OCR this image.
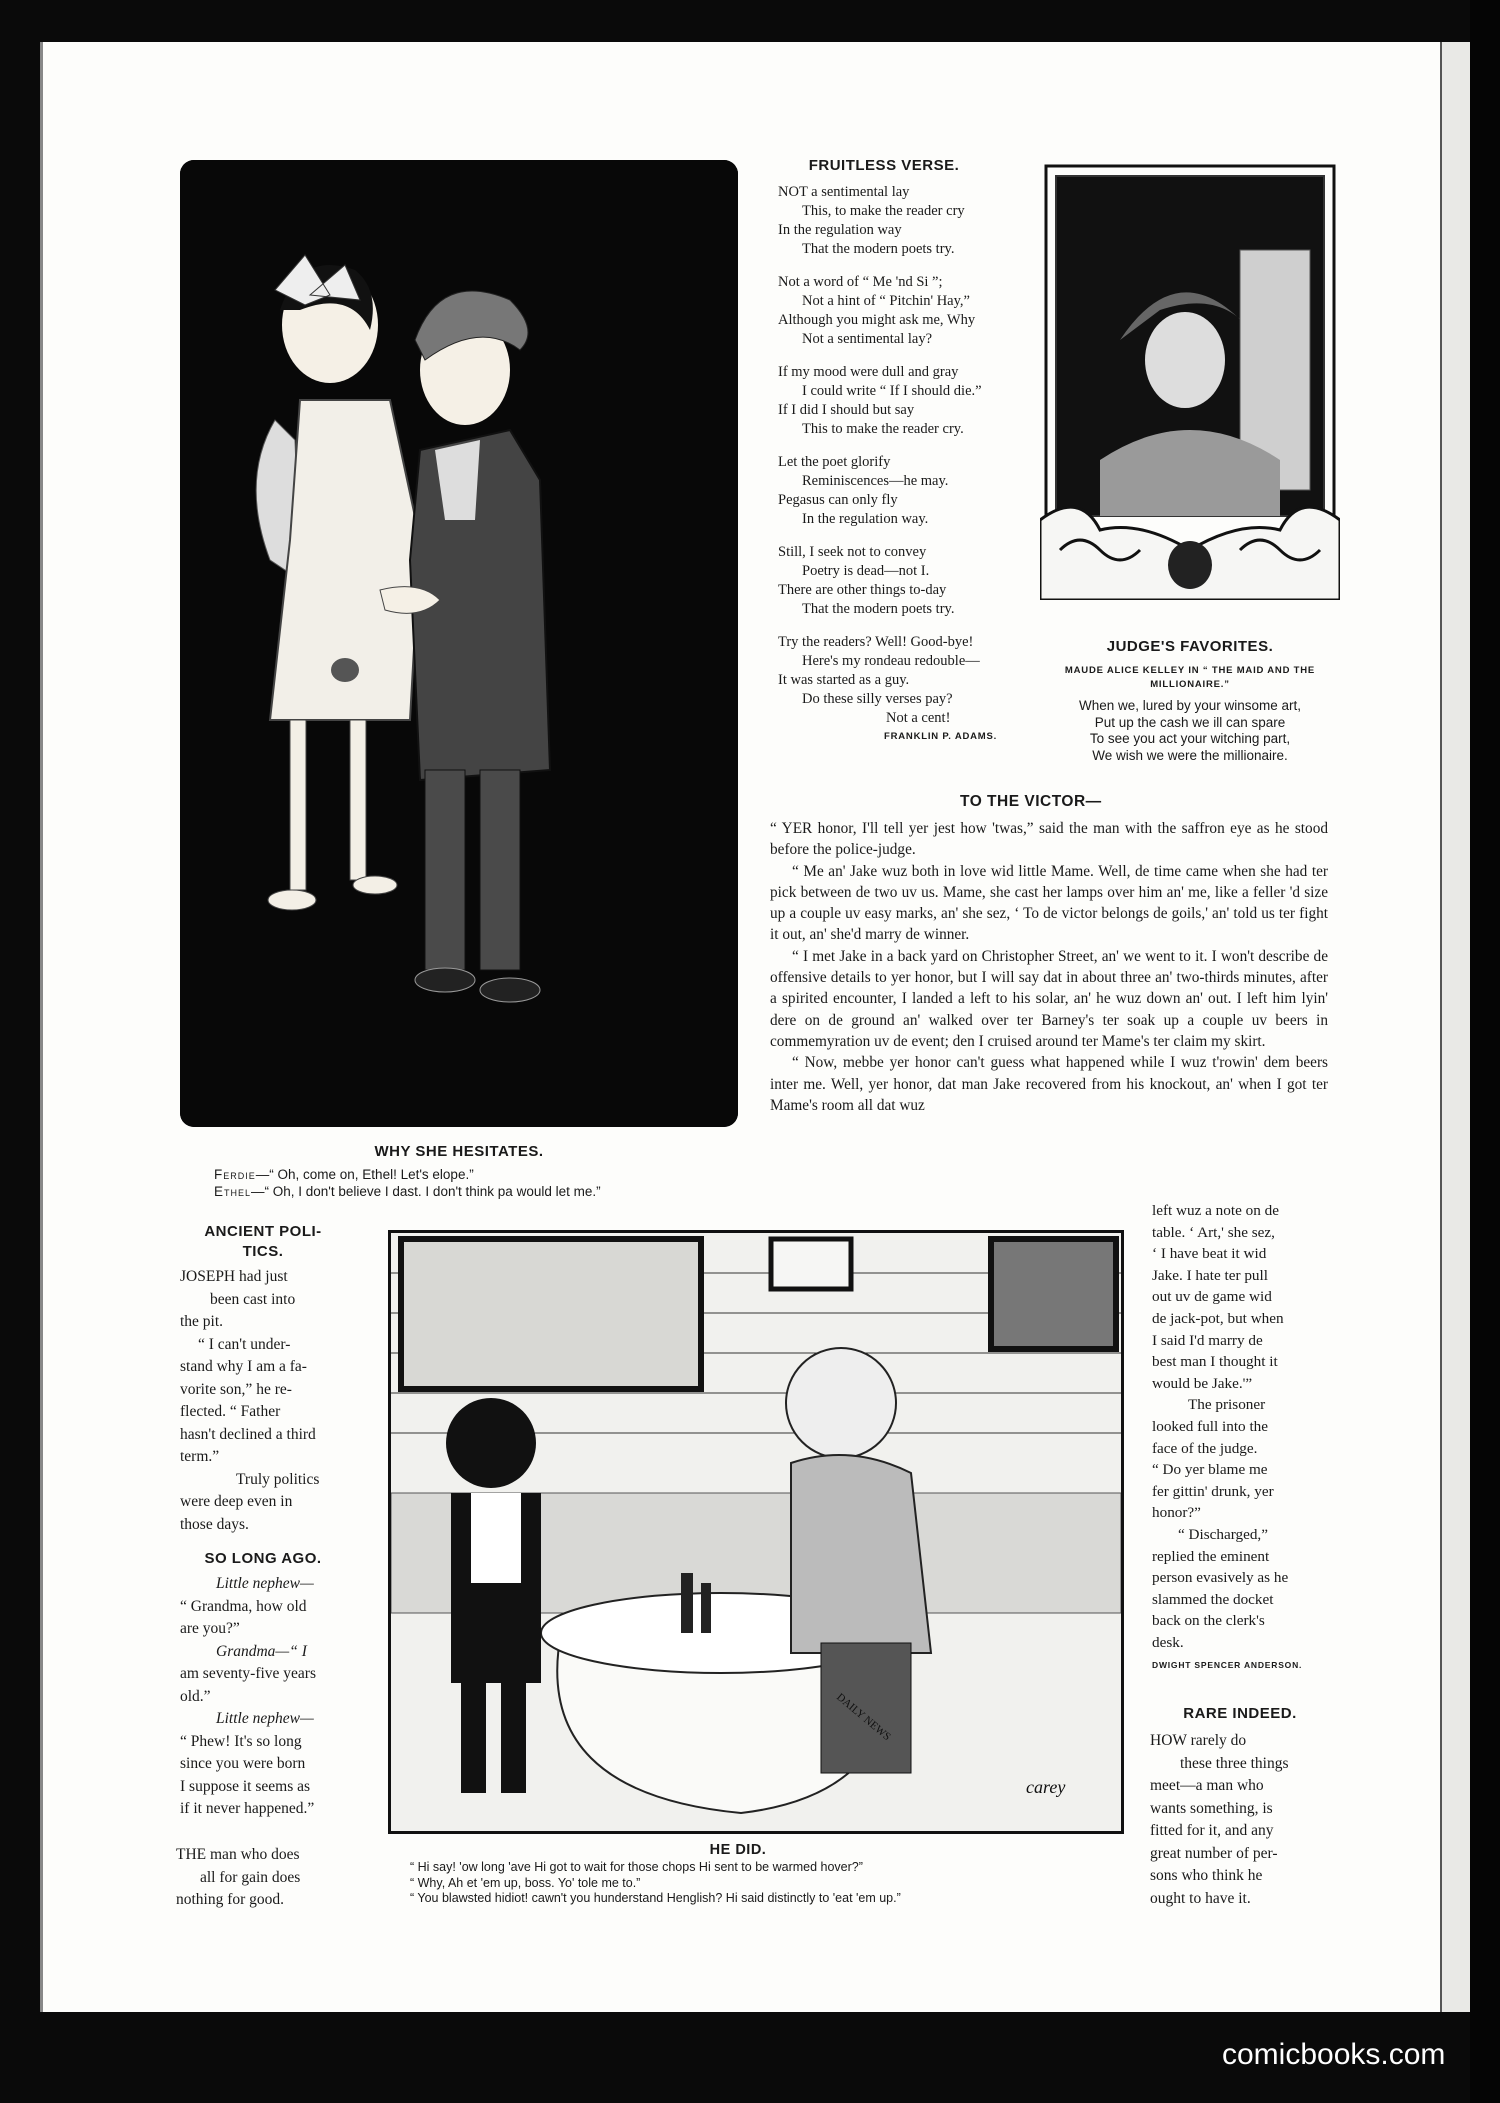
WHY SHE HESITATES.
Ferdie—“ Oh, come on, Ethel! Let's elope.”
Ethel—“ Oh, I don't believe I dast. I don't think pa would let me.”
FRUITLESS VERSE.

NOT a sentimental lay

This, to make the reader cry

In the regulation way

That the modern poets try.

Not a word of “ Me 'nd Si ”;

Not a hint of “ Pitchin' Hay,”

Although you might ask me, Why

Not a sentimental lay?

If my mood were dull and gray

I could write “ If I should die.”

If I did I should but say

This to make the reader cry.

Let the poet glorify

Reminiscences—he may.

Pegasus can only fly

In the regulation way.

Still, I seek not to convey

Poetry is dead—not I.

There are other things to-day

That the modern poets try.

Try the readers? Well! Good-bye!

Here's my rondeau redouble—

It was started as a guy.

Do these silly verses pay?

Not a cent!

FRANKLIN P. ADAMS.
JUDGE'S FAVORITES.
MAUDE ALICE KELLEY IN “ THE MAID AND THE MILLIONAIRE.”
When we, lured by your winsome art,
Put up the cash we ill can spare
To see you act your witching part,
We wish we were the millionaire.
TO THE VICTOR—

“ YER honor, I'll tell yer jest how 'twas,” said the man with the saffron eye as he stood before the police-judge.

“ Me an' Jake wuz both in love wid little Mame. Well, de time came when she had ter pick between de two uv us. Mame, she cast her lamps over him an' me, like a feller 'd size up a couple uv easy marks, an' she sez, ‘ To de victor belongs de goils,' an' told us ter fight it out, an' she'd marry de winner.

“ I met Jake in a back yard on Christopher Street, an' we went to it. I won't describe de offensive details to yer honor, but I will say dat in about three an' two-thirds minutes, after a spirited encounter, I landed a left to his solar, an' he wuz down an' out. I left him lyin' dere on de ground an' walked over ter Barney's ter soak up a couple uv beers in commemyration uv de event; den I cruised around ter Mame's ter claim my skirt.

“ Now, mebbe yer honor can't guess what happened while I wuz t'rowin' dem beers inter me. Well, yer honor, dat man Jake recovered from his knockout, an' when I got ter Mame's room all dat wuz

left wuz a note on de

table. ‘ Art,' she sez,

‘ I have beat it wid

Jake. I hate ter pull

out uv de game wid

de jack-pot, but when

I said I'd marry de

best man I thought it

would be Jake.'”

The prisoner

looked full into the

face of the judge.

“ Do yer blame me

fer gittin' drunk, yer

honor?”

“ Discharged,”

replied the eminent

person evasively as he

slammed the docket

back on the clerk's

desk.

DWIGHT SPENCER ANDERSON.
ANCIENT POLI-
TICS.

JOSEPH had just

been cast into

the pit.

“ I can't under-

stand why I am a fa-

vorite son,” he re-

flected. “ Father

hasn't declined a third

term.”

Truly politics

were deep even in

those days.

SO LONG AGO.

Little nephew—

“ Grandma, how old

are you?”

Grandma—“ I

am seventy-five years

old.”

Little nephew—

“ Phew! It's so long

since you were born

I suppose it seems as

if it never happened.”

THE man who does

all for gain does

nothing for good.

DAILY NEWS
carey
HE DID.
“ Hi say! 'ow long 'ave Hi got to wait for those chops Hi sent to be warmed hover?”
“ Why, Ah et 'em up, boss. Yo' tole me to.”
“ You blawsted hidiot! cawn't you hunderstand Henglish? Hi said distinctly to 'eat 'em up.”
RARE INDEED.

HOW rarely do

these three things

meet—a man who

wants something, is

fitted for it, and any

great number of per-

sons who think he

ought to have it.

comicbooks.com
